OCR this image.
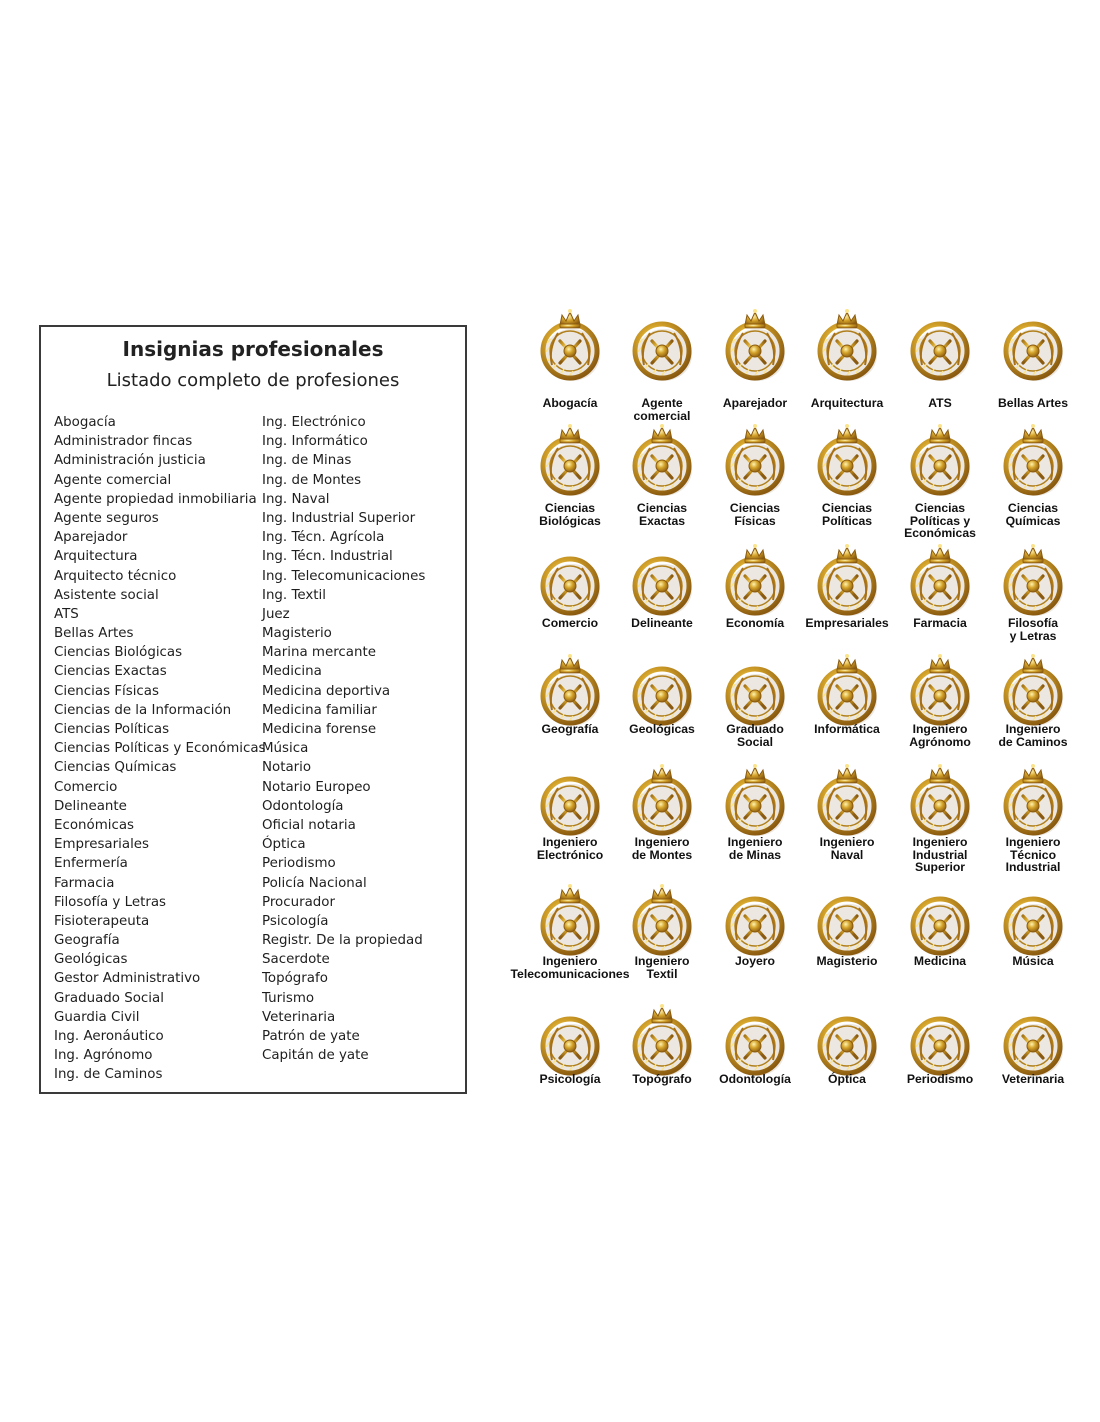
Insignias profesionales
Listado completo de profesiones
Abogacía
Administrador fincas
Administración justicia
Agente comercial
Agente propiedad inmobiliaria
Agente seguros
Aparejador
Arquitectura
Arquitecto técnico
Asistente social
ATS
Bellas Artes
Ciencias Biológicas
Ciencias Exactas
Ciencias Físicas
Ciencias de la Información
Ciencias Políticas
Ciencias Políticas y Económicas
Ciencias Químicas
Comercio
Delineante
Económicas
Empresariales
Enfermería
Farmacia
Filosofía y Letras
Fisioterapeuta
Geografía
Geológicas
Gestor Administrativo
Graduado Social
Guardia Civil
Ing. Aeronáutico
Ing. Agrónomo
Ing. de Caminos
Ing. Electrónico
Ing. Informático
Ing. de Minas
Ing. de Montes
Ing. Naval
Ing. Industrial Superior
Ing. Técn. Agrícola
Ing. Técn. Industrial
Ing. Telecomunicaciones
Ing. Textil
Juez
Magisterio
Marina mercante
Medicina
Medicina deportiva
Medicina familiar
Medicina forense
Música
Notario
Notario Europeo
Odontología
Oficial notaria
Óptica
Periodismo
Policía Nacional
Procurador
Psicología
Registr. De la propiedad
Sacerdote
Topógrafo
Turismo
Veterinaria
Patrón de yate
Capitán de yate
Abogacía	Agente
comercial
Aparejador	Arquitectura	ATS	Bellas Artes
Ciencias
Biológicas
Ciencias
Exactas
Ciencias
Físicas
Ciencias
Políticas
Ciencias
Políticas y
Económicas
Ciencias
Químicas
Comercio	Delineante	Economía	Empresariales	Farmacia	Filosofía
y Letras
Geografía	Geológicas	Graduado
Social
Informática	Ingeniero
Agrónomo
Ingeniero
de Caminos
Ingeniero
Electrónico
Ingeniero
de Montes
Ingeniero
de Minas
Ingeniero
Naval
Ingeniero
Industrial
Superior
Ingeniero
Técnico
Industrial
Ingeniero
Telecomunicaciones
Ingeniero
Textil
Joyero	Magisterio	Medicina	Música
Psicología	Topógrafo	Odontología	Óptica	Periodismo	Veterinaria
